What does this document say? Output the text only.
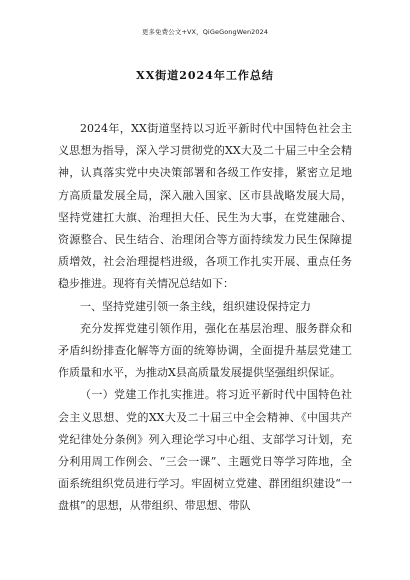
更多免费公文+VX，QiGeGongWen2024
XX街道2024年工作总结

2024年，XX街道坚持以习近平新时代中国特色社会主义思想为指导，深入学习贯彻党的XX大及二十届三中全会精神，认真落实党中央决策部署和各级工作安排，紧密立足地方高质量发展全局，深入融入国家、区市县战略发展大局，坚持党建扛大旗、治理担大任、民生为大事，在党建融合、资源整合、民生结合、治理闭合等方面持续发力民生保障提质增效，社会治理提档进级，各项工作扎实开展、重点任务稳步推进。现将有关情况总结如下：

一、坚持党建引领一条主线，组织建设保持定力

充分发挥党建引领作用，强化在基层治理、服务群众和矛盾纠纷排查化解等方面的统筹协调，全面提升基层党建工作质量和水平，为推动X县高质量发展提供坚强组织保证。

（一）党建工作扎实推进。将习近平新时代中国特色社会主义思想、党的XX大及二十届三中全会精神、《中国共产党纪律处分条例》列入理论学习中心组、支部学习计划，充分利用周工作例会、“三会一课”、主题党日等学习阵地，全面系统组织党员进行学习。牢固树立党建、群团组织建设“一盘棋”的思想，从带组织、带思想、带队
